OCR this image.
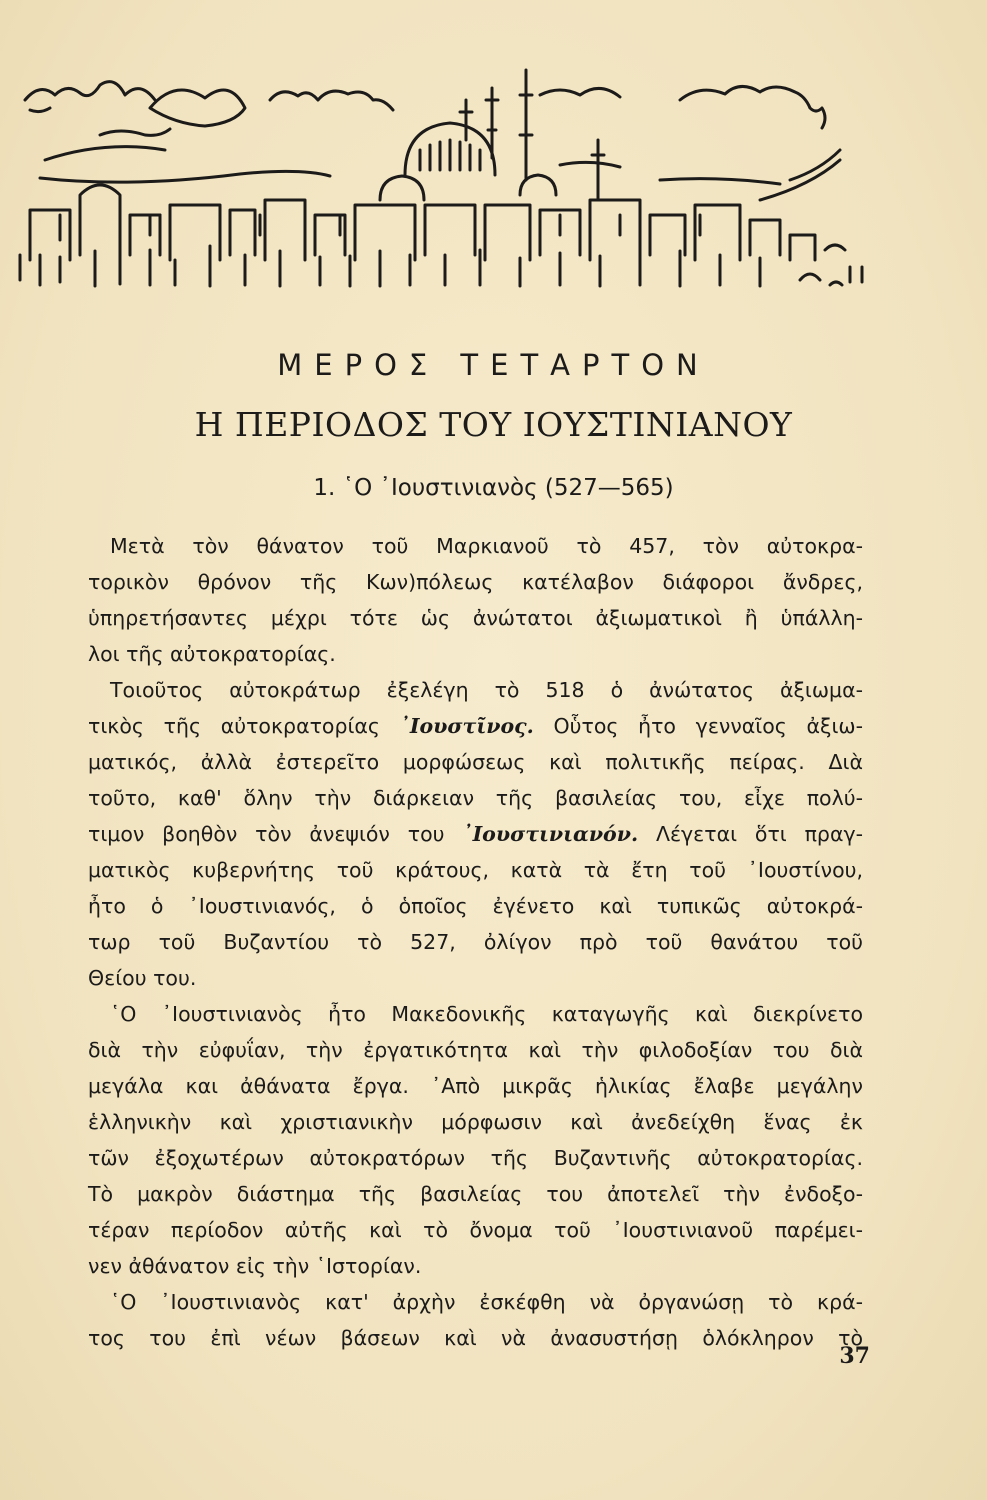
ΜΕΡΟΣ ΤΕΤΑΡΤΟΝ
Η ΠΕΡΙΟΔΟΣ ΤΟΥ ΙΟΥΣΤΙΝΙΑΝΟΥ
1. ῾Ο ᾿Ιουστινιανὸς (527—565)
Μετὰ τὸν θάνατον τοῦ Μαρκιανοῦ τὸ 457, τὸν αὐτοκρα-
τορικὸν θρόνον τῆς Κων)πόλεως κατέλαβον διάφοροι ἄνδρες,
ὑπηρετήσαντες μέχρι τότε ὡς ἀνώτατοι ἀξιωματικοὶ ἢ ὑπάλλη-
λοι τῆς αὐτοκρατορίας.
Τοιοῦτος αὐτοκράτωρ ἐξελέγη τὸ 518 ὁ ἀνώτατος ἀξιωμα-
τικὸς τῆς αὐτοκρατορίας ᾿Ιουστῖνος. Οὗτος ἦτο γενναῖος ἀξιω-
ματικός, ἀλλὰ ἐστερεῖτο μορφώσεως καὶ πολιτικῆς πείρας. Διὰ
τοῦτο, καθ' ὅλην τὴν διάρκειαν τῆς βασιλείας του, εἶχε πολύ-
τιμον βοηθὸν τὸν ἀνεψιόν του ᾿Ιουστινιανόν. Λέγεται ὅτι πραγ-
ματικὸς κυβερνήτης τοῦ κράτους, κατὰ τὰ ἔτη τοῦ ᾿Ιουστίνου,
ἦτο ὁ ᾿Ιουστινιανός, ὁ ὁποῖος ἐγένετο καὶ τυπικῶς αὐτοκρά-
τωρ τοῦ Βυζαντίου τὸ 527, ὀλίγον πρὸ τοῦ θανάτου τοῦ
Θείου του.
῾Ο ᾿Ιουστινιανὸς ἦτο Μακεδονικῆς καταγωγῆς καὶ διεκρίνετο
διὰ τὴν εὐφυΐαν, τὴν ἐργατικότητα καὶ τὴν φιλοδοξίαν του διὰ
μεγάλα και ἀθάνατα ἔργα. ᾿Απὸ μικρᾶς ἡλικίας ἔλαβε μεγάλην
ἑλληνικὴν καὶ χριστιανικὴν μόρφωσιν καὶ ἀνεδείχθη ἕνας ἐκ
τῶν ἐξοχωτέρων αὐτοκρατόρων τῆς Βυζαντινῆς αὐτοκρατορίας.
Τὸ μακρὸν διάστημα τῆς βασιλείας του ἀποτελεῖ τὴν ἐνδοξο-
τέραν περίοδον αὐτῆς καὶ τὸ ὄνομα τοῦ ᾿Ιουστινιανοῦ παρέμει-
νεν ἀθάνατον εἰς τὴν ῾Ιστορίαν.
῾Ο ᾿Ιουστινιανὸς κατ' ἀρχὴν ἐσκέφθη νὰ ὀργανώσῃ τὸ κρά-
τος του ἐπὶ νέων βάσεων καὶ νὰ ἀνασυστήσῃ ὁλόκληρον τὸ
37
